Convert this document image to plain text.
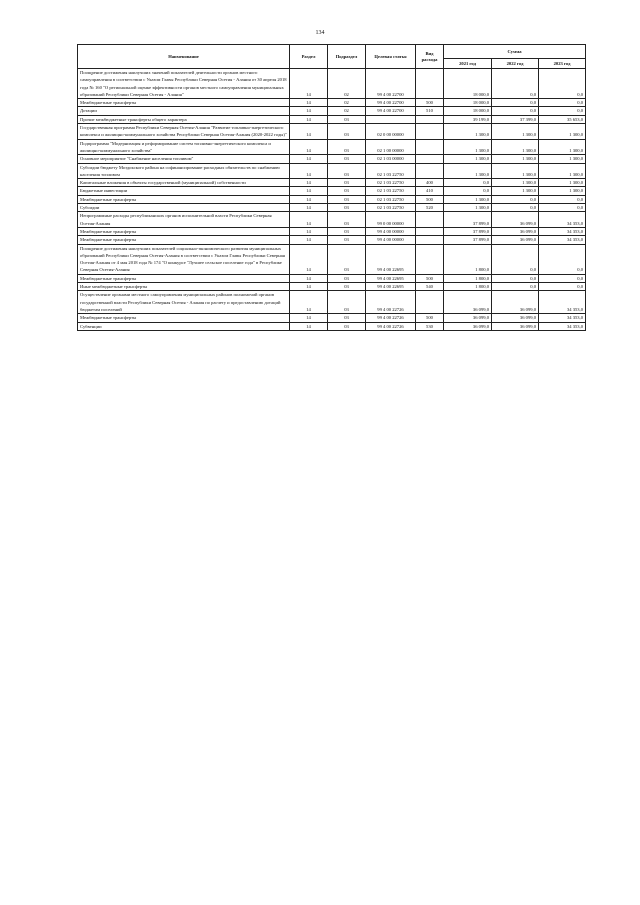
134
Наименование	Раздел	Подраздел	Целевая статья	Вид расхода	Сумма		
					2021 год	2022 год	2023 год
Поощрение достижения наилучших значений показателей деятельности органов местного самоуправления в соответствии с Указом Главы Республики Северная Осетия - Алания от 30 апреля 2018 года № 160 "О региональной оценке эффективности органов местного самоуправления муниципальных образований Республики Северная Осетия - Алания"	14	02	99 4 00 22700		18 000,0	0,0	0,0
Межбюджетные трансферты	14	02	99 4 00 22700	500	18 000,0	0,0	0,0
Дотации	14	02	99 4 00 22700	510	18 000,0	0,0	0,0
Прочие межбюджетные трансферты общего характера	14	03			39 199,0	37 399,0	35 653,0
Государственная программа Республики Северная Осетия-Алания "Развитие топливно-энергетического комплекса и жилищно-коммунального хозяйства Республики Северная Осетия-Алания (2020-2022 годы)"	14	03	02 0 00 00000		1 300,0	1 300,0	1 300,0
Подпрограмма "Модернизация и реформирование систем топливно-энергетического комплекса и жилищно-коммунального хозяйства"	14	03	02 1 00 00000		1 300,0	1 300,0	1 300,0
Основное мероприятие "Снабжение населения топливом"	14	03	02 1 03 00000		1 300,0	1 300,0	1 300,0
Субсидии бюджету Моздокского района на софинансирование расходных обязательств по снабжению населения топливом	14	03	02 1 03 22750		1 300,0	1 300,0	1 300,0
Капитальные вложения в объекты государственной (муниципальной) собственности	14	03	02 1 03 22750	400	0,0	1 300,0	1 300,0
Бюджетные инвестиции	14	03	02 1 03 22750	410	0,0	1 300,0	1 300,0
Межбюджетные трансферты	14	03	02 1 03 22750	500	1 300,0	0,0	0,0
Субсидии	14	03	02 1 03 22750	520	1 300,0	0,0	0,0
Непрограммные расходы республиканских органов исполнительной власти Республики Северная Осетия-Алания	14	03	99 0 00 00000		37 899,0	36 099,0	34 353,0
Межбюджетные трансферты	14	03	99 4 00 00000		37 899,0	36 099,0	34 353,0
Межбюджетные трансферты	14	03	99 4 00 00000		37 899,0	36 099,0	34 353,0
Поощрение достижения наилучших показателей социально-экономического развития муниципальных образований Республики Северная Осетия-Алания в соответствии с Указом Главы Республики Северная Осетия-Алания от 4 мая 2018 года № 174 "О конкурсе "Лучшее сельское поселение года" в Республике Северная Осетия-Алания	14	03	99 4 00 22695		1 800,0	0,0	0,0
Межбюджетные трансферты	14	03	99 4 00 22695	500	1 800,0	0,0	0,0
Иные межбюджетные трансферты	14	03	99 4 00 22695	540	1 800,0	0,0	0,0
Осуществление органами местного самоуправления муниципальных районов полномочий органов государственной власти Республики Северная Осетия - Алания по расчету и предоставлению дотаций бюджетам поселений	14	03	99 4 00 22726		36 099,0	36 099,0	34 353,0
Межбюджетные трансферты	14	03	99 4 00 22726	500	36 099,0	36 099,0	34 353,0
Субвенции	14	03	99 4 00 22726	530	36 099,0	36 099,0	34 353,0
